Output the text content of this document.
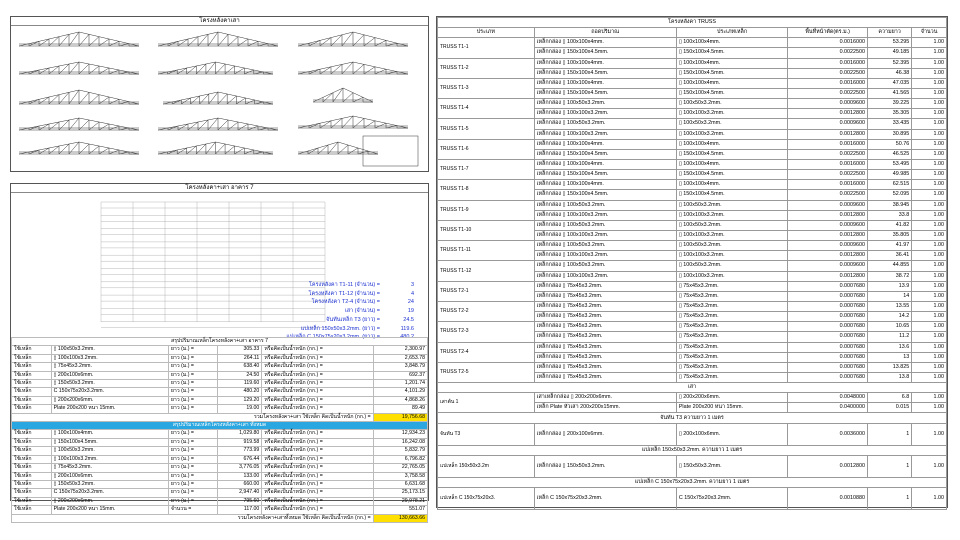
โครงหลังคาเสา
โครงหลังคา+เสา อาคาร 7
โครงหลังคา T1-11 (จำนวน) =	3
โครงหลังคา T1-12 (จำนวน) =	4
โครงหลังคา T2-4 (จำนวน) =	24
เสา (จำนวน) =	19
จันทันเหล็ก T3 (ยาว) =	24.5
แปเหล็ก 150x50x3.2mm. (ยาว) =	119.6
แปเหล็ก C 150x75x20x3.2mm. (ยาว) =	480.2
สรุปปริมาณเหล็กโครงหลังคา+เสา อาคาร 7					
ใช้เหล็ก	▯ 100x50x3.2mm.	ยาว (ม.) =	305.33	หรือคิดเป็นน้ำหนัก (กก.) =	2,300.97
ใช้เหล็ก	▯ 100x100x3.2mm.	ยาว (ม.) =	264.11	หรือคิดเป็นน้ำหนัก (กก.) =	2,653.78
ใช้เหล็ก	▯ 75x45x3.2mm.	ยาว (ม.) =	638.40	หรือคิดเป็นน้ำหนัก (กก.) =	3,848.79
ใช้เหล็ก	▯ 200x100x6mm.	ยาว (ม.) =	24.50	หรือคิดเป็นน้ำหนัก (กก.) =	692.37
ใช้เหล็ก	▯ 150x50x3.2mm.	ยาว (ม.) =	119.60	หรือคิดเป็นน้ำหนัก (กก.) =	1,201.74
ใช้เหล็ก	C 150x75x20x3.2mm.	ยาว (ม.) =	480.20	หรือคิดเป็นน้ำหนัก (กก.) =	4,101.29
ใช้เหล็ก	▯ 200x200x6mm.	ยาว (ม.) =	129.20	หรือคิดเป็นน้ำหนัก (กก.) =	4,868.26
ใช้เหล็ก	Plate 200x200 หนา 15mm.	ยาว (ม.) =	19.00	หรือคิดเป็นน้ำหนัก (กก.) =	89.49
รวมโครงหลังคา+เสา ใช้เหล็ก คิดเป็นน้ำหนัก (กก.) =					19,756.68
สรุปปริมาณเหล็กโครงหลังคา+เสา ทั้งหมด					
ใช้เหล็ก	▯ 100x100x4mm.	ยาว (ม.) =	1,029.80	หรือคิดเป็นน้ำหนัก (กก.) =	12,934.23
ใช้เหล็ก	▯ 150x100x4.5mm.	ยาว (ม.) =	919.58	หรือคิดเป็นน้ำหนัก (กก.) =	16,242.08
ใช้เหล็ก	▯ 100x50x3.2mm.	ยาว (ม.) =	773.99	หรือคิดเป็นน้ำหนัก (กก.) =	5,832.79
ใช้เหล็ก	▯ 100x100x3.2mm.	ยาว (ม.) =	676.44	หรือคิดเป็นน้ำหนัก (กก.) =	6,796.82
ใช้เหล็ก	▯ 75x45x3.2mm.	ยาว (ม.) =	3,776.05	หรือคิดเป็นน้ำหนัก (กก.) =	22,765.05
ใช้เหล็ก	▯ 200x100x6mm.	ยาว (ม.) =	133.00	หรือคิดเป็นน้ำหนัก (กก.) =	3,758.58
ใช้เหล็ก	▯ 150x50x3.2mm.	ยาว (ม.) =	660.00	หรือคิดเป็นน้ำหนัก (กก.) =	6,631.68
ใช้เหล็ก	C 150x75x20x3.2mm.	ยาว (ม.) =	2,947.40	หรือคิดเป็นน้ำหนัก (กก.) =	25,173.15
ใช้เหล็ก	▯ 200x200x6mm.	ยาว (ม.) =	795.60	หรือคิดเป็นน้ำหนัก (กก.) =	29,978.21
ใช้เหล็ก	Plate 200x200 หนา 15mm.	จำนวน =	117.00	หรือคิดเป็นน้ำหนัก (กก.) =	551.07
รวมโครงหลังคา+เสาทั้งหมด ใช้เหล็ก คิดเป็นน้ำหนัก (กก.) =					130,663.66
โครงหลังคา TRUSS					
ประเภท	ถอดปริมาณ	ประเภทเหล็ก	พื้นที่หน้าตัด(ตร.ม.)	ความยาว	จำนวน
TRUSS T1-1	เหล็กกล่อง ▯ 100x100x4mm.	▯ 100x100x4mm.	0.0016000	53.295	1.00
	เหล็กกล่อง ▯ 150x100x4.5mm.	▯ 150x100x4.5mm.	0.0022500	49.185	1.00
TRUSS T1-2	เหล็กกล่อง ▯ 100x100x4mm.	▯ 100x100x4mm.	0.0016000	52.395	1.00
	เหล็กกล่อง ▯ 150x100x4.5mm.	▯ 150x100x4.5mm.	0.0022500	46.38	1.00
TRUSS T1-3	เหล็กกล่อง ▯ 100x100x4mm.	▯ 100x100x4mm.	0.0016000	47.035	1.00
	เหล็กกล่อง ▯ 150x100x4.5mm.	▯ 150x100x4.5mm.	0.0022500	41.565	1.00
TRUSS T1-4	เหล็กกล่อง ▯ 100x50x3.2mm.	▯ 100x50x3.2mm.	0.0009600	39.225	1.00
	เหล็กกล่อง ▯ 100x100x3.2mm.	▯ 100x100x3.2mm.	0.0012800	35.305	1.00
TRUSS T1-5	เหล็กกล่อง ▯ 100x50x3.2mm.	▯ 100x50x3.2mm.	0.0009600	33.435	1.00
	เหล็กกล่อง ▯ 100x100x3.2mm.	▯ 100x100x3.2mm.	0.0012800	30.895	1.00
TRUSS T1-6	เหล็กกล่อง ▯ 100x100x4mm.	▯ 100x100x4mm.	0.0016000	50.76	1.00
	เหล็กกล่อง ▯ 150x100x4.5mm.	▯ 150x100x4.5mm.	0.0022500	46.525	1.00
TRUSS T1-7	เหล็กกล่อง ▯ 100x100x4mm.	▯ 100x100x4mm.	0.0016000	53.495	1.00
	เหล็กกล่อง ▯ 150x100x4.5mm.	▯ 150x100x4.5mm.	0.0022500	49.985	1.00
TRUSS T1-8	เหล็กกล่อง ▯ 100x100x4mm.	▯ 100x100x4mm.	0.0016000	62.515	1.00
	เหล็กกล่อง ▯ 150x100x4.5mm.	▯ 150x100x4.5mm.	0.0022500	52.095	1.00
TRUSS T1-9	เหล็กกล่อง ▯ 100x50x3.2mm.	▯ 100x50x3.2mm.	0.0009600	38.945	1.00
	เหล็กกล่อง ▯ 100x100x3.2mm.	▯ 100x100x3.2mm.	0.0012800	33.8	1.00
TRUSS T1-10	เหล็กกล่อง ▯ 100x50x3.2mm.	▯ 100x50x3.2mm.	0.0009600	41.82	1.00
	เหล็กกล่อง ▯ 100x100x3.2mm.	▯ 100x100x3.2mm.	0.0012800	35.805	1.00
TRUSS T1-11	เหล็กกล่อง ▯ 100x50x3.2mm.	▯ 100x50x3.2mm.	0.0009600	41.97	1.00
	เหล็กกล่อง ▯ 100x100x3.2mm.	▯ 100x100x3.2mm.	0.0012800	36.41	1.00
TRUSS T1-12	เหล็กกล่อง ▯ 100x50x3.2mm.	▯ 100x50x3.2mm.	0.0009600	44.855	1.00
	เหล็กกล่อง ▯ 100x100x3.2mm.	▯ 100x100x3.2mm.	0.0012800	38.72	1.00
TRUSS T2-1	เหล็กกล่อง ▯ 75x45x3.2mm.	▯ 75x45x3.2mm.	0.0007680	13.9	1.00
	เหล็กกล่อง ▯ 75x45x3.2mm.	▯ 75x45x3.2mm.	0.0007680	14	1.00
TRUSS T2-2	เหล็กกล่อง ▯ 75x45x3.2mm.	▯ 75x45x3.2mm.	0.0007680	13.55	1.00
	เหล็กกล่อง ▯ 75x45x3.2mm.	▯ 75x45x3.2mm.	0.0007680	14.2	1.00
TRUSS T2-3	เหล็กกล่อง ▯ 75x45x3.2mm.	▯ 75x45x3.2mm.	0.0007680	10.65	1.00
	เหล็กกล่อง ▯ 75x45x3.2mm.	▯ 75x45x3.2mm.	0.0007680	11.2	1.00
TRUSS T2-4	เหล็กกล่อง ▯ 75x45x3.2mm.	▯ 75x45x3.2mm.	0.0007680	13.6	1.00
	เหล็กกล่อง ▯ 75x45x3.2mm.	▯ 75x45x3.2mm.	0.0007680	13	1.00
TRUSS T2-5	เหล็กกล่อง ▯ 75x45x3.2mm.	▯ 75x45x3.2mm.	0.0007680	13.825	1.00
	เหล็กกล่อง ▯ 75x45x3.2mm.	▯ 75x45x3.2mm.	0.0007680	13.8	1.00
เสา					
เสาต้น 1	เสาเหล็กกล่อง ▯ 200x200x6mm.	▯ 200x200x6mm.	0.0048000	6.8	1.00
	เหล็ก Plate หัวเสา 200x200x15mm.	Plate 200x200 หนา 15mm.	0.0400000	0.015	1.00
จันทัน T3 ความยาว 1 เมตร					
จันทัน T3	เหล็กกล่อง ▯ 200x100x6mm.	▯ 200x100x6mm.	0.0036000	1	1.00
แปเหล็ก 150x50x3.2mm. ความยาว 1 เมตร					
แปเหล็ก 150x50x3.2m	เหล็กกล่อง ▯ 150x50x3.2mm.	▯ 150x50x3.2mm.	0.0012800	1	1.00
แปเหล็ก C 150x75x20x3.2mm. ความยาว 1 เมตร					
แปเหล็ก C 150x75x20x3.	เหล็ก C 150x75x20x3.2mm.	C 150x75x20x3.2mm.	0.0010880	1	1.00
